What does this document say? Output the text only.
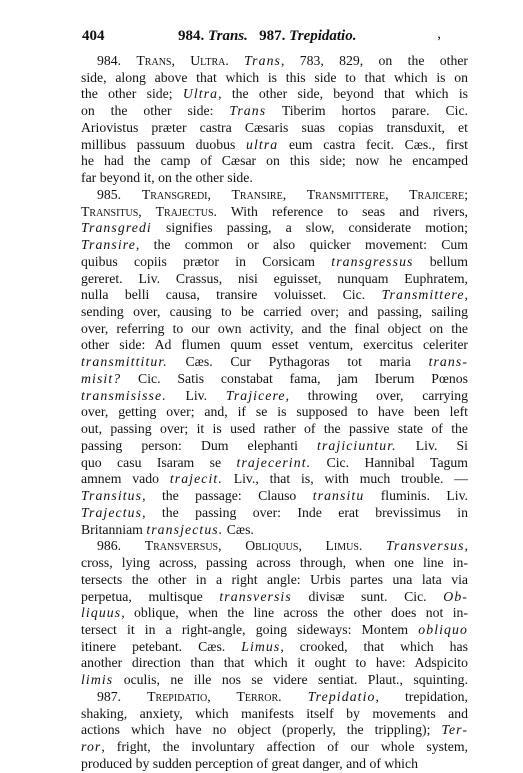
404	984. Trans. 987. Trepidatio.	,
984. Trans, Ultra. Trans, 783, 829, on the other
side, along above that which is this side to that which is on
the other side; Ultra, the other side, beyond that which is
on the other side: Trans Tiberim hortos parare. Cic.
Ariovistus præter castra Cæsaris suas copias transduxit, et
millibus passuum duobus ultra eum castra fecit. Cæs., first
he had the camp of Cæsar on this side; now he encamped
far beyond it, on the other side.
985. Transgredi, Transire, Transmittere, Trajicere;
Transitus, Trajectus. With reference to seas and rivers,
Transgredi signifies passing, a slow, considerate motion;
Transire, the common or also quicker movement: Cum
quibus copiis prætor in Corsicam transgressus bellum
gereret. Liv. Crassus, nisi eguisset, nunquam Euphratem,
nulla belli causa, transire voluisset. Cic. Transmittere,
sending over, causing to be carried over; and passing, sailing
over, referring to our own activity, and the final object on the
other side: Ad flumen quum esset ventum, exercitus celeriter
transmittitur. Cæs. Cur Pythagoras tot maria trans-
misit? Cic. Satis constabat fama, jam Iberum Pœnos
transmisisse. Liv. Trajicere, throwing over, carrying
over, getting over; and, if se is supposed to have been left
out, passing over; it is used rather of the passive state of the
passing person: Dum elephanti trajiciuntur. Liv. Si
quo casu Isaram se trajecerint. Cic. Hannibal Tagum
amnem vado trajecit. Liv., that is, with much trouble. —
Transitus, the passage: Clauso transitu fluminis. Liv.
Trajectus, the passing over: Inde erat brevissimus in
Britanniam transjectus. Cæs.
986. Transversus, Obliquus, Limus. Transversus,
cross, lying across, passing across through, when one line in-
tersects the other in a right angle: Urbis partes una lata via
perpetua, multisque transversis divisæ sunt. Cic. Ob-
liquus, oblique, when the line across the other does not in-
tersect it in a right-angle, going sideways: Montem obliquo
itinere petebant. Cæs. Limus, crooked, that which has
another direction than that which it ought to have: Adspicito
limis oculis, ne ille nos se videre sentiat. Plaut., squinting.
987. Trepidatio, Terror. Trepidatio, trepidation,
shaking, anxiety, which manifests itself by movements and
actions which have no object (properly, the trippling); Ter-
ror, fright, the involuntary affection of our whole system,
produced by sudden perception of great danger, and of which
